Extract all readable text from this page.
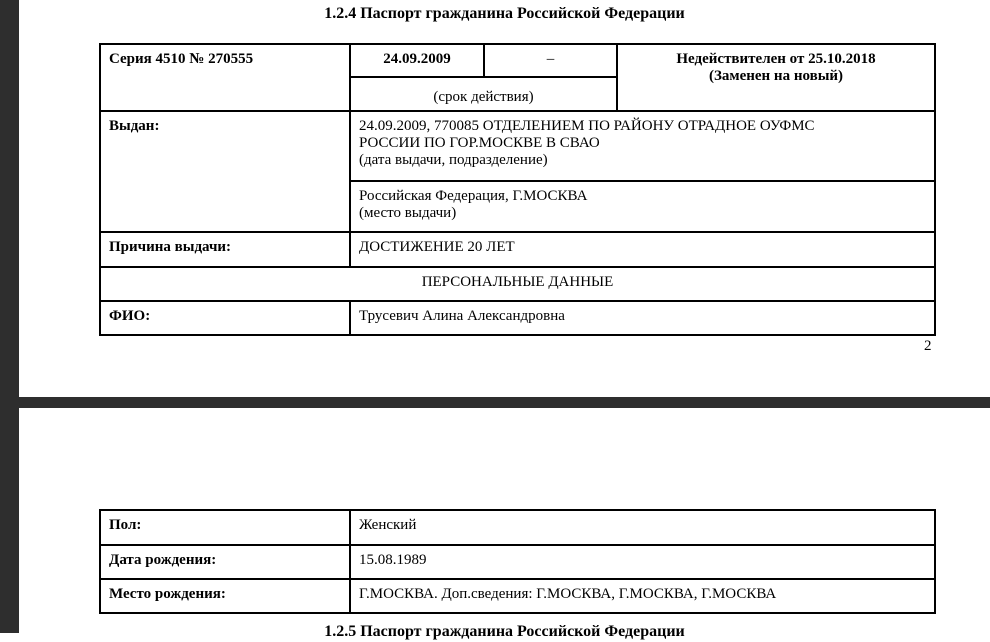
1.2.4 Паспорт гражданина Российской Федерации
Серия 4510 № 270555	24.09.2009	–	Недействителен от 25.10.2018
(Заменен на новый)

	(срок действия)		
Выдан:	24.09.2009, 770085 ОТДЕЛЕНИЕМ ПО РАЙОНУ ОТРАДНОЕ ОУФМС
РОССИИ ПО ГОР.МОСКВЕ В СВАО
(дата выдачи, подразделение)		

	Российская Федерация, Г.МОСКВА
(место выдачи)		

Причина выдачи:	ДОСТИЖЕНИЕ 20 ЛЕТ		
ПЕРСОНАЛЬНЫЕ ДАННЫЕ			
ФИО:	Трусевич Алина Александровна		
2
Пол:	Женский
Дата рождения:	15.08.1989
Место рождения:	Г.МОСКВА. Доп.сведения: Г.МОСКВА, Г.МОСКВА, Г.МОСКВА
1.2.5 Паспорт гражданина Российской Федерации
